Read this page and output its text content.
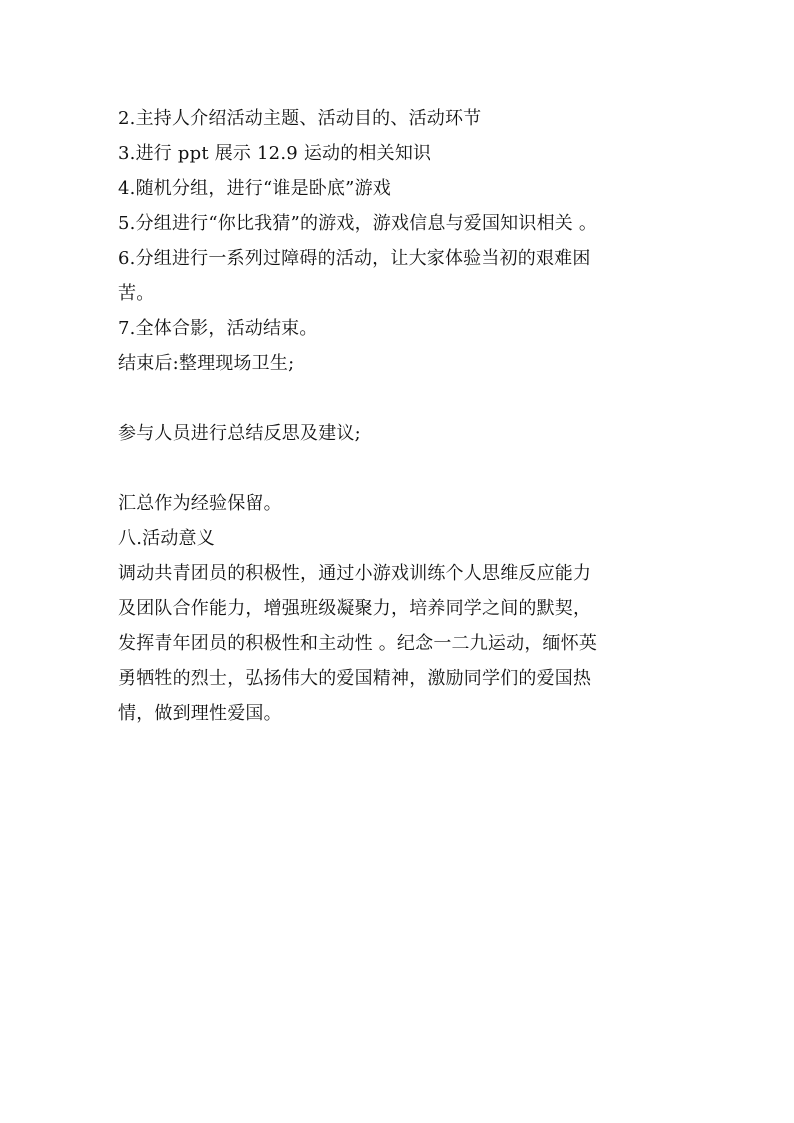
2.主持人介绍活动主题、活动目的、活动环节
3.进行 ppt 展示 12.9 运动的相关知识
4.随机分组，进行“谁是卧底”游戏
5.分组进行“你比我猜”的游戏，游戏信息与爱国知识相关 。
6.分组进行一系列过障碍的活动，让大家体验当初的艰难困
苦。
7.全体合影，活动结束。
结束后:整理现场卫生;
参与人员进行总结反思及建议;
汇总作为经验保留。
八.活动意义
调动共青团员的积极性，通过小游戏训练个人思维反应能力
及团队合作能力，增强班级凝聚力，培养同学之间的默契，
发挥青年团员的积极性和主动性 。纪念一二九运动，缅怀英
勇牺牲的烈士，弘扬伟大的爱国精神，激励同学们的爱国热
情，做到理性爱国。
